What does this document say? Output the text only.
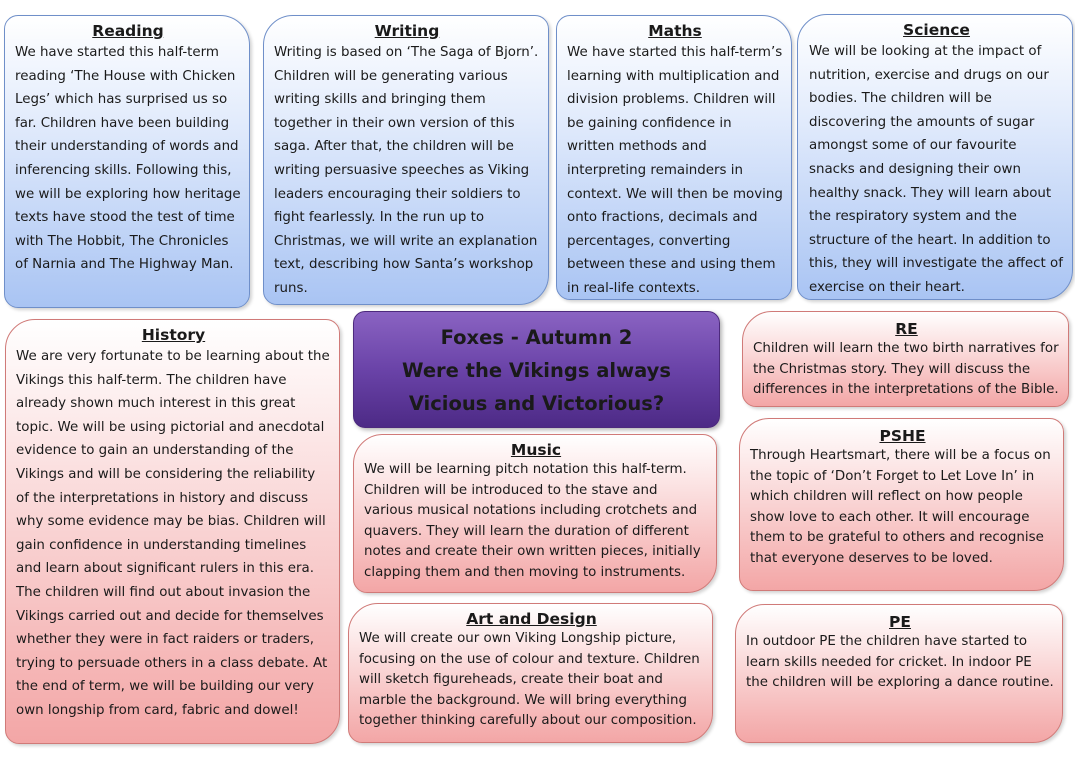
Reading

We have started this half-term reading ‘The House with Chicken Legs’ which has surprised us so far. Children have been building their understanding of words and inferencing skills. Following this, we will be exploring how heritage texts have stood the test of time with The Hobbit, The Chronicles of Narnia and The Highway Man.

Writing

Writing is based on ‘The Saga of Bjorn’. Children will be generating various writing skills and bringing them together in their own version of this saga. After that, the children will be writing persuasive speeches as Viking leaders encouraging their soldiers to fight fearlessly. In the run up to Christmas, we will write an explanation text, describing how Santa’s workshop runs.

Maths

We have started this half-term’s learning with multiplication and division problems. Children will be gaining confidence in written methods and interpreting remainders in context. We will then be moving onto fractions, decimals and percentages, converting between these and using them in real-life contexts.

Science

We will be looking at the impact of nutrition, exercise and drugs on our bodies. The children will be discovering the amounts of sugar amongst some of our favourite snacks and designing their own healthy snack. They will learn about the respiratory system and the structure of the heart. In addition to this, they will investigate the affect of exercise on their heart.

History

We are very fortunate to be learning about the Vikings this half-term. The children have already shown much interest in this great topic. We will be using pictorial and anecdotal evidence to gain an understanding of the Vikings and will be considering the reliability of the interpretations in history and discuss why some evidence may be bias. Children will gain confidence in understanding timelines and learn about significant rulers in this era. The children will find out about invasion the Vikings carried out and decide for themselves whether they were in fact raiders or traders, trying to persuade others in a class debate. At the end of term, we will be building our very own longship from card, fabric and dowel!

Foxes - Autumn 2

Were the Vikings always Vicious and Victorious?

Music

We will be learning pitch notation this half-term. Children will be introduced to the stave and various musical notations including crotchets and quavers. They will learn the duration of different notes and create their own written pieces, initially clapping them and then moving to instruments.

Art and Design

We will create our own Viking Longship picture, focusing on the use of colour and texture. Children will sketch figureheads, create their boat and marble the background. We will bring everything together thinking carefully about our composition.

RE

Children will learn the two birth narratives for the Christmas story. They will discuss the differences in the interpretations of the Bible.

PSHE

Through Heartsmart, there will be a focus on the topic of ‘Don’t Forget to Let Love In’ in which children will reflect on how people show love to each other. It will encourage them to be grateful to others and recognise that everyone deserves to be loved.

PE

In outdoor PE the children have started to learn skills needed for cricket. In indoor PE the children will be exploring a dance routine.
